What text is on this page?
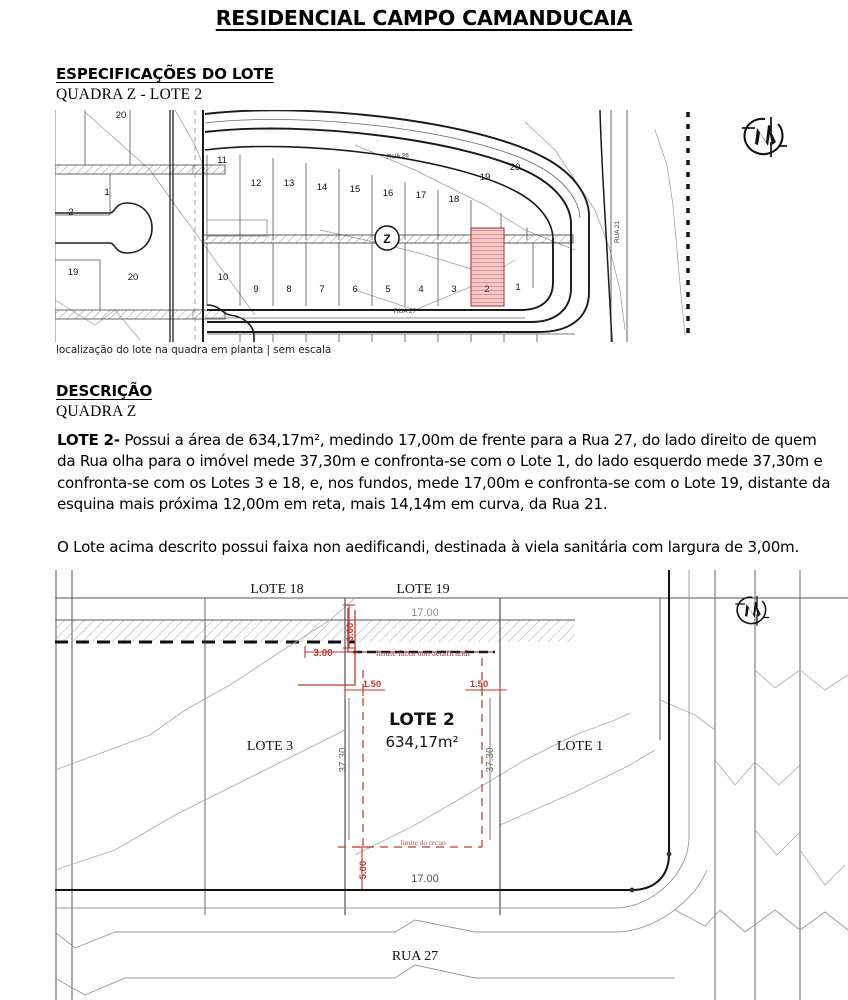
RESIDENCIAL CAMPO CAMANDUCAIA
ESPECIFICAÇÕES DO LOTE
QUADRA Z - LOTE 2
Z
11
12 13 14 15 16 17 18
19
20
10
9	8	7	6	5	4	3	2	1
1
2
19	20
20
RUA 28
RUA 27
RUA 21
localização do lote na quadra em planta | sem escala
DESCRIÇÃO
QUADRA Z
LOTE 2- Possui a área de 634,17m², medindo 17,00m de frente para a Rua 27, do lado direito de quem da Rua olha para o imóvel mede 37,30m e confronta-se com o Lote 1, do lado esquerdo mede 37,30m e confronta-se com os Lotes 3 e 18, e, nos fundos, mede 17,00m e confronta-se com o Lote 19, distante da esquina mais próxima 12,00m em reta, mais 14,14m em curva, da Rua 21.
O Lote acima descrito possui faixa non aedificandi, destinada à viela sanitária com largura de 3,00m.
LOTE 18	LOTE 19
LOTE 3	LOTE 1
LOTE 2
634,17m²
17.00
17.00
3.00
3.00
1.50	1.50
5.00
37.30	37.30
limite faixa non aedificandi
limite do recuo
RUA 27
